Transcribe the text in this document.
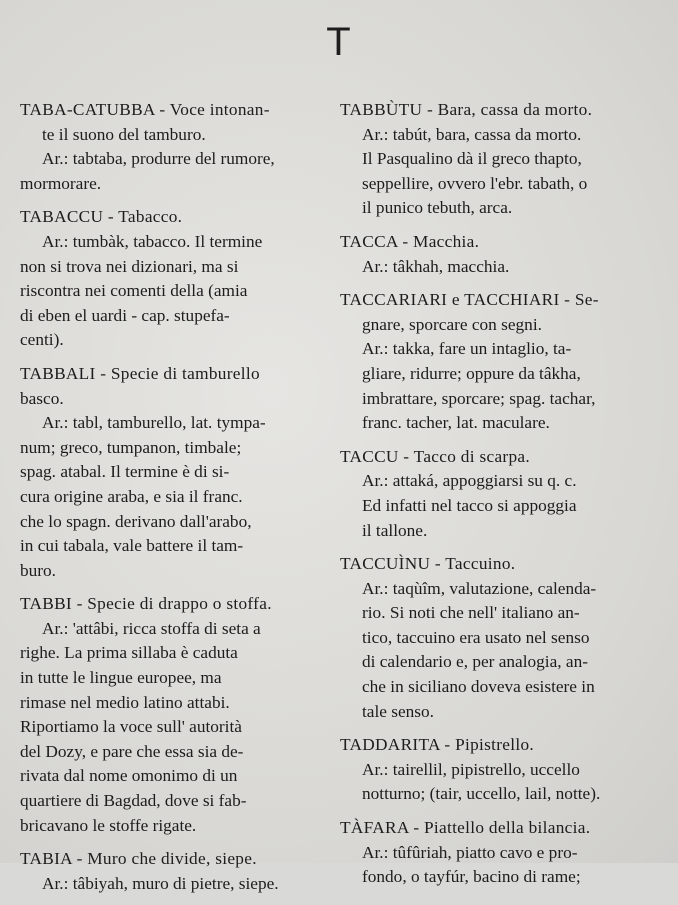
T
TABA-CATUBBA - Voce intonan-
te il suono del tamburo.
Ar.: tabtaba, produrre del rumore,
mormorare.
TABACCU - Tabacco.
Ar.: tumbàk, tabacco. Il termine
non si trova nei dizionari, ma si
riscontra nei comenti della (amia
di eben el uardi - cap. stupefa-
centi).
TABBALI - Specie di tamburello
basco.
Ar.: tabl, tamburello, lat. tympa-
num; greco, tumpanon, timbale;
spag. atabal. Il termine è di si-
cura origine araba, e sia il franc.
che lo spagn. derivano dall'arabo,
in cui tabala, vale battere il tam-
buro.
TABBI - Specie di drappo o stoffa.
Ar.: 'attâbi, ricca stoffa di seta a
righe. La prima sillaba è caduta
in tutte le lingue europee, ma
rimase nel medio latino attabi.
Riportiamo la voce sull' autorità
del Dozy, e pare che essa sia de-
rivata dal nome omonimo di un
quartiere di Bagdad, dove si fab-
bricavano le stoffe rigate.
TABIA - Muro che divide, siepe.
Ar.: tâbiyah, muro di pietre, siepe.
TABBÙTU - Bara, cassa da morto.
Ar.: tabút, bara, cassa da morto.
Il Pasqualino dà il greco thapto,
seppellire, ovvero l'ebr. tabath, o
il punico tebuth, arca.
TACCA - Macchia.
Ar.: tâkhah, macchia.
TACCARIARI e TACCHIARI - Se-
gnare, sporcare con segni.
Ar.: takka, fare un intaglio, ta-
gliare, ridurre; oppure da tâkha,
imbrattare, sporcare; spag. tachar,
franc. tacher, lat. maculare.
TACCU - Tacco di scarpa.
Ar.: attaká, appoggiarsi su q. c.
Ed infatti nel tacco si appoggia
il tallone.
TACCUÌNU - Taccuino.
Ar.: taqùîm, valutazione, calenda-
rio. Si noti che nell' italiano an-
tico, taccuino era usato nel senso
di calendario e, per analogia, an-
che in siciliano doveva esistere in
tale senso.
TADDARITA - Pipistrello.
Ar.: tairellil, pipistrello, uccello
notturno; (tair, uccello, lail, notte).
TÀFARA - Piattello della bilancia.
Ar.: tûfûriah, piatto cavo e pro-
fondo, o tayfúr, bacino di rame;
